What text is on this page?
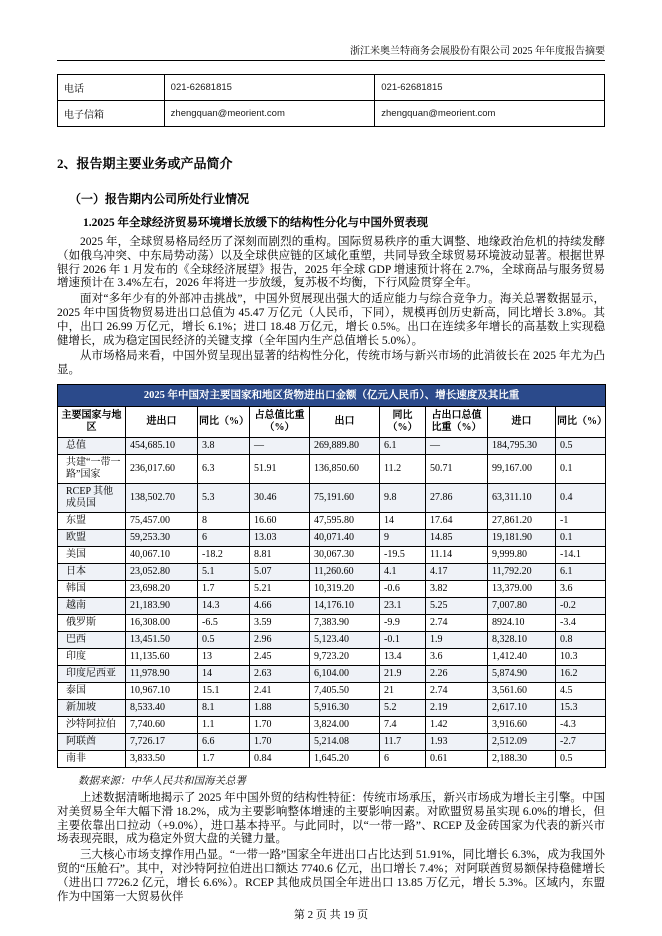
浙江米奥兰特商务会展股份有限公司 2025 年年度报告摘要
电话	021-62681815	021-62681815
电子信箱	zhengquan@meorient.com	zhengquan@meorient.com
2、报告期主要业务或产品简介
（一）报告期内公司所处行业情况
1.2025 年全球经济贸易环境增长放缓下的结构性分化与中国外贸表现

2025 年，全球贸易格局经历了深刻而剧烈的重构。国际贸易秩序的重大调整、地缘政治危机的持续发酵（如俄乌冲突、中东局势动荡）以及全球供应链的区域化重塑，共同导致全球贸易环境波动显著。根据世界银行 2026 年 1 月发布的《全球经济展望》报告，2025 年全球 GDP 增速预计将在 2.7%，全球商品与服务贸易增速预计在 3.4%左右，2026 年将进一步放缓，复苏极不均衡，下行风险贯穿全年。

面对“多年少有的外部冲击挑战”，中国外贸展现出强大的适应能力与综合竞争力。海关总署数据显示，2025 年中国货物贸易进出口总值为 45.47 万亿元（人民币，下同），规模再创历史新高，同比增长 3.8%。其中，出口 26.99 万亿元，增长 6.1%；进口 18.48 万亿元，增长 0.5%。出口在连续多年增长的高基数上实现稳健增长，成为稳定国民经济的关键支撑（全年国内生产总值增长 5.0%）。

从市场格局来看，中国外贸呈现出显著的结构性分化，传统市场与新兴市场的此消彼长在 2025 年尤为凸显。

2025 年中国对主要国家和地区货物进出口金额（亿元人民币）、增长速度及其比重								
主要国家与地区	进出口	同比（%）	占总值比重（%）	出口	同比（%）	占出口总值比重（%）	进口	同比（%）
总值	454,685.10	3.8	—	269,889.80	6.1	—	184,795.30	0.5
共建“一带一路”国家	236,017.60	6.3	51.91	136,850.60	11.2	50.71	99,167.00	0.1
RCEP 其他成员国	138,502.70	5.3	30.46	75,191.60	9.8	27.86	63,311.10	0.4
东盟	75,457.00	8	16.60	47,595.80	14	17.64	27,861.20	-1
欧盟	59,253.30	6	13.03	40,071.40	9	14.85	19,181.90	0.1
美国	40,067.10	-18.2	8.81	30,067.30	-19.5	11.14	9,999.80	-14.1
日本	23,052.80	5.1	5.07	11,260.60	4.1	4.17	11,792.20	6.1
韩国	23,698.20	1.7	5.21	10,319.20	-0.6	3.82	13,379.00	3.6
越南	21,183.90	14.3	4.66	14,176.10	23.1	5.25	7,007.80	-0.2
俄罗斯	16,308.00	-6.5	3.59	7,383.90	-9.9	2.74	8924.10	-3.4
巴西	13,451.50	0.5	2.96	5,123.40	-0.1	1.9	8,328.10	0.8
印度	11,135.60	13	2.45	9,723.20	13.4	3.6	1,412.40	10.3
印度尼西亚	11,978.90	14	2.63	6,104.00	21.9	2.26	5,874.90	16.2
泰国	10,967.10	15.1	2.41	7,405.50	21	2.74	3,561.60	4.5
新加坡	8,533.40	8.1	1.88	5,916.30	5.2	2.19	2,617.10	15.3
沙特阿拉伯	7,740.60	1.1	1.70	3,824.00	7.4	1.42	3,916.60	-4.3
阿联酋	7,726.17	6.6	1.70	5,214.08	11.7	1.93	2,512.09	-2.7
南非	3,833.50	1.7	0.84	1,645.20	6	0.61	2,188.30	0.5

数据来源：中华人民共和国海关总署

上述数据清晰地揭示了 2025 年中国外贸的结构性特征：传统市场承压，新兴市场成为增长主引擎。中国对美贸易全年大幅下滑 18.2%，成为主要影响整体增速的主要影响因素。对欧盟贸易虽实现 6.0%的增长，但主要依靠出口拉动（+9.0%），进口基本持平。与此同时，以“一带一路”、RCEP 及金砖国家为代表的新兴市场表现亮眼，成为稳定外贸大盘的关键力量。

三大核心市场支撑作用凸显。“一带一路”国家全年进出口占比达到 51.91%，同比增长 6.3%，成为我国外贸的“压舱石”。其中，对沙特阿拉伯进出口额达 7740.6 亿元，出口增长 7.4%；对阿联酋贸易额保持稳健增长（进出口 7726.2 亿元，增长 6.6%）。RCEP 其他成员国全年进出口 13.85 万亿元，增长 5.3%。区域内，东盟作为中国第一大贸易伙伴

第 2 页 共 19 页
